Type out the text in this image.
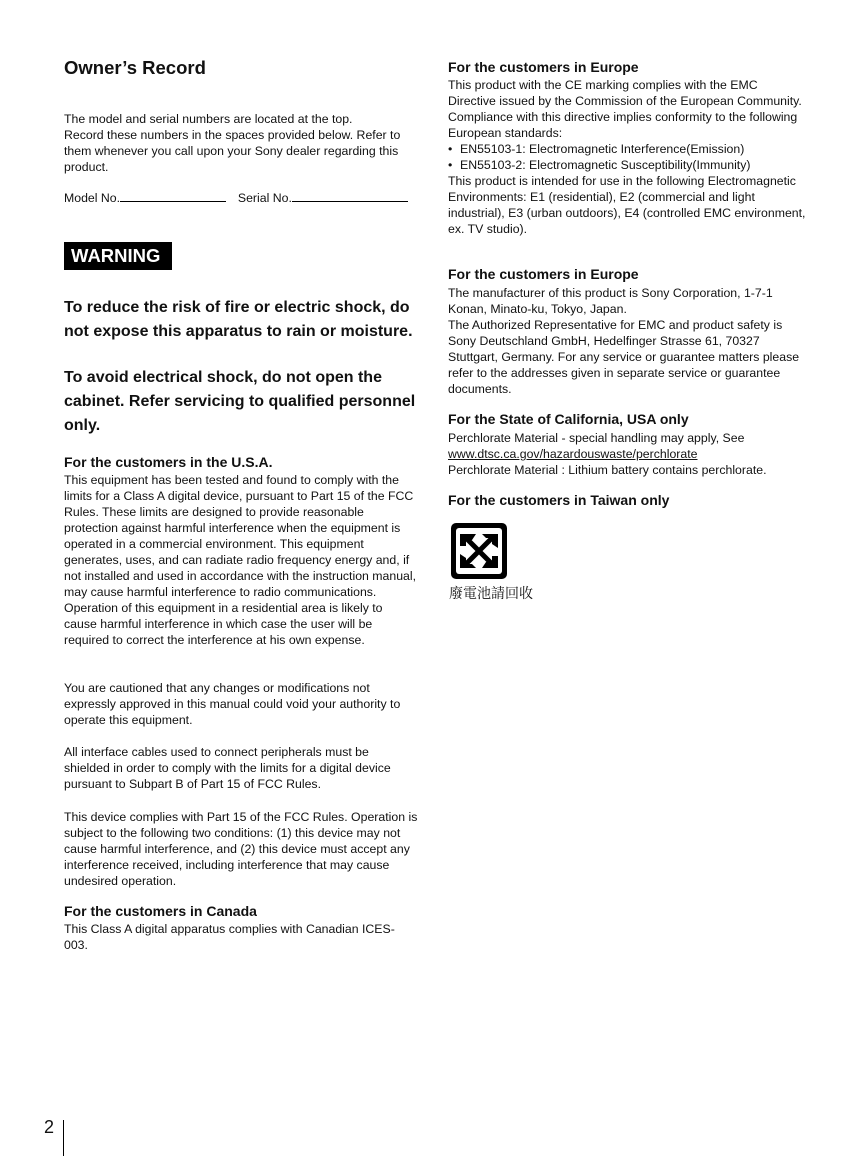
Owner’s Record

The model and serial numbers are located at the top.

Record these numbers in the spaces provided below. Refer to them whenever you call upon your Sony dealer regarding this product.

Model No.	Serial No.

WARNING

To reduce the risk of fire or electric shock, do not expose this apparatus to rain or moisture.

To avoid electrical shock, do not open the cabinet. Refer servicing to qualified personnel only.

For the customers in the U.S.A.

This equipment has been tested and found to comply with the limits for a Class A digital device, pursuant to Part 15 of the FCC Rules. These limits are designed to provide reasonable protection against harmful interference when the equipment is operated in a commercial environment. This equipment generates, uses, and can radiate radio frequency energy and, if not installed and used in accordance with the instruction manual, may cause harmful interference to radio communications. Operation of this equipment in a residential area is likely to cause harmful interference in which case the user will be required to correct the interference at his own expense.

You are cautioned that any changes or modifications not expressly approved in this manual could void your authority to operate this equipment.

All interface cables used to connect peripherals must be shielded in order to comply with the limits for a digital device pursuant to Subpart B of Part 15 of FCC Rules.

This device complies with Part 15 of the FCC Rules. Operation is subject to the following two conditions: (1) this device may not cause harmful interference, and (2) this device must accept any interference received, including interference that may cause undesired operation.

For the customers in Canada

This Class A digital apparatus complies with Canadian ICES-003.

For the customers in Europe

This product with the CE marking complies with the EMC Directive issued by the Commission of the European Community.

Compliance with this directive implies conformity to the following European standards:

• EN55103-1: Electromagnetic Interference(Emission)
• EN55103-2: Electromagnetic Susceptibility(Immunity)

This product is intended for use in the following Electromagnetic Environments: E1 (residential), E2 (commercial and light industrial), E3 (urban outdoors), E4 (controlled EMC environment, ex. TV studio).

For the customers in Europe

The manufacturer of this product is Sony Corporation, 1-7-1 Konan, Minato-ku, Tokyo, Japan.

The Authorized Representative for EMC and product safety is Sony Deutschland GmbH, Hedelfinger Strasse 61, 70327 Stuttgart, Germany. For any service or guarantee matters please refer to the addresses given in separate service or guarantee documents.

For the State of California, USA only

Perchlorate Material - special handling may apply, See

www.dtsc.ca.gov/hazardouswaste/perchlorate

Perchlorate Material : Lithium battery contains perchlorate.

For the customers in Taiwan only
廢電池請回收
2
